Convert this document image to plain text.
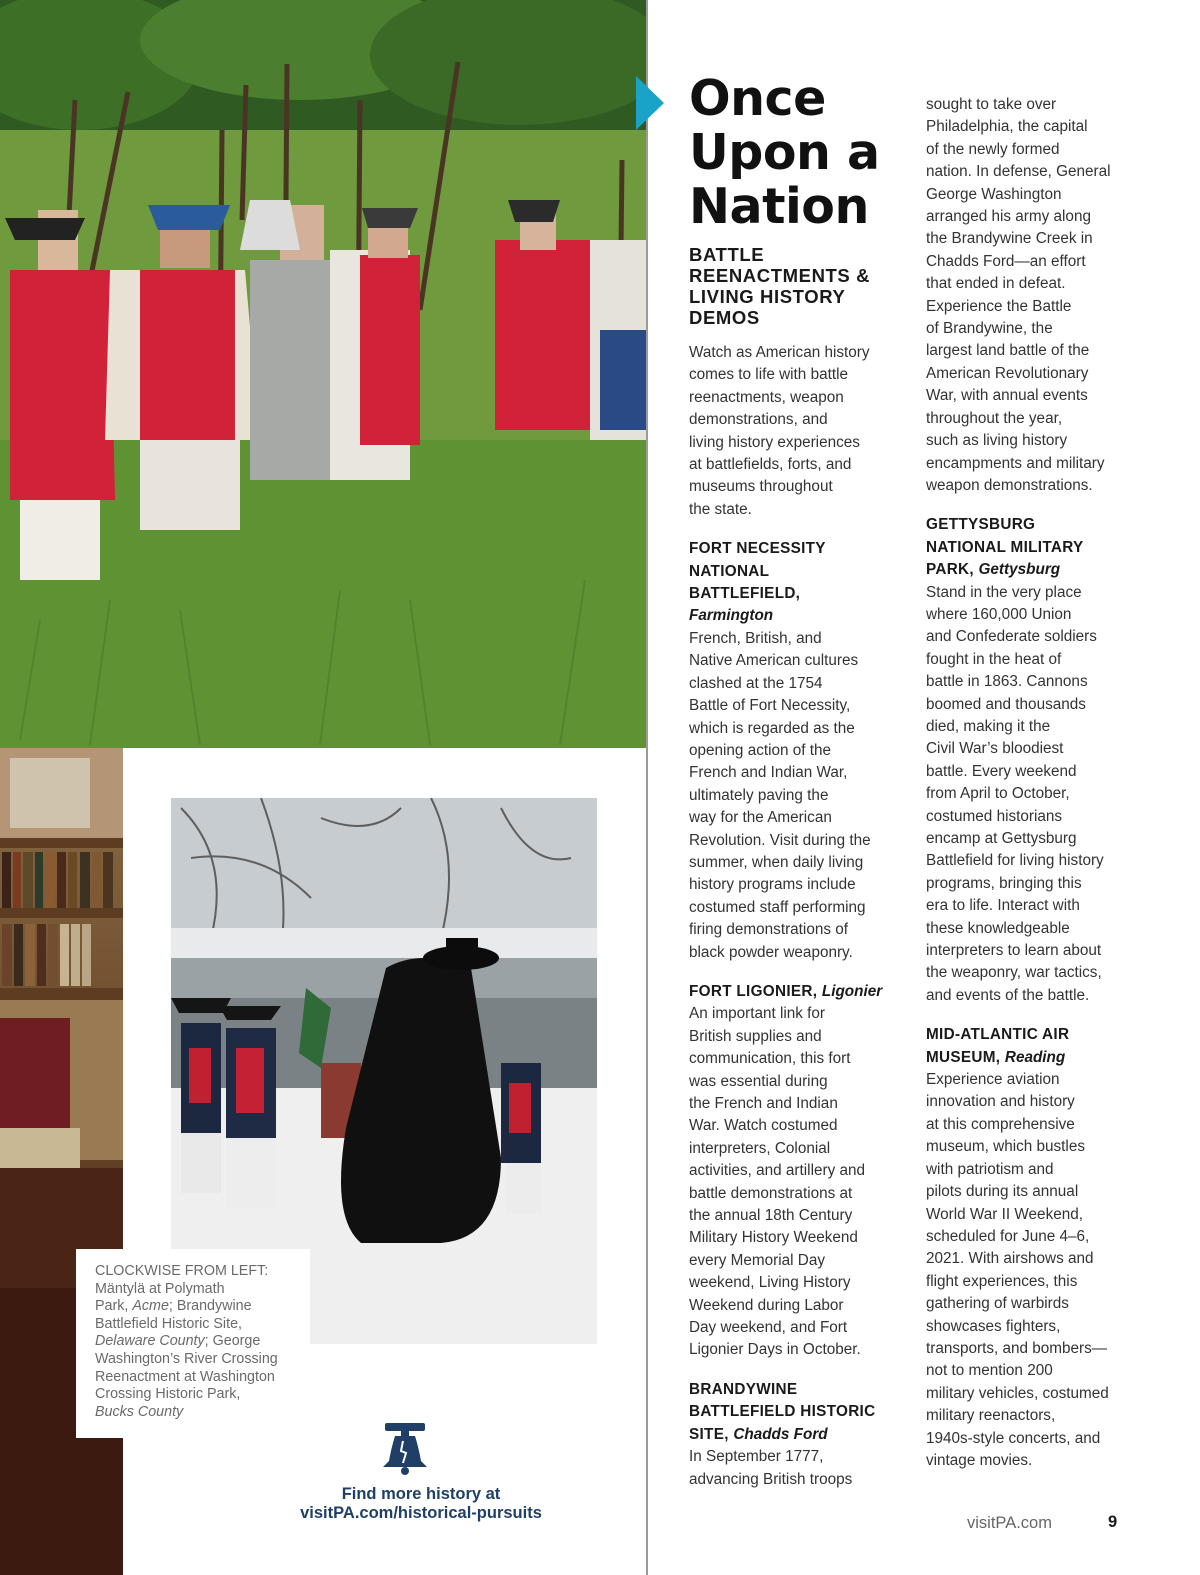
CLOCKWISE FROM LEFT:
Mäntylä at Polymath
Park, Acme; Brandywine
Battlefield Historic Site,
Delaware County; George
Washington’s River Crossing
Reenactment at Washington
Crossing Historic Park,
Bucks County
Find more history at
visitPA.com/historical-pursuits
Once
Upon a
Nation
BATTLE
REENACTMENTS &
LIVING HISTORY
DEMOS
Watch as American history
comes to life with battle
reenactments, weapon
demonstrations, and
living history experiences
at battlefields, forts, and
museums throughout
the state.
FORT NECESSITY
NATIONAL
BATTLEFIELD,
Farmington
French, British, and
Native American cultures
clashed at the 1754
Battle of Fort Necessity,
which is regarded as the
opening action of the
French and Indian War,
ultimately paving the
way for the American
Revolution. Visit during the
summer, when daily living
history programs include
costumed staff performing
firing demonstrations of
black powder weaponry.
FORT LIGONIER, Ligonier
An important link for
British supplies and
communication, this fort
was essential during
the French and Indian
War. Watch costumed
interpreters, Colonial
activities, and artillery and
battle demonstrations at
the annual 18th Century
Military History Weekend
every Memorial Day
weekend, Living History
Weekend during Labor
Day weekend, and Fort
Ligonier Days in October.
BRANDYWINE
BATTLEFIELD HISTORIC
SITE, Chadds Ford
In September 1777,
advancing British troops
sought to take over
Philadelphia, the capital
of the newly formed
nation. In defense, General
George Washington
arranged his army along
the Brandywine Creek in
Chadds Ford—an effort
that ended in defeat.
Experience the Battle
of Brandywine, the
largest land battle of the
American Revolutionary
War, with annual events
throughout the year,
such as living history
encampments and military
weapon demonstrations.
GETTYSBURG
NATIONAL MILITARY
PARK, Gettysburg
Stand in the very place
where 160,000 Union
and Confederate soldiers
fought in the heat of
battle in 1863. Cannons
boomed and thousands
died, making it the
Civil War’s bloodiest
battle. Every weekend
from April to October,
costumed historians
encamp at Gettysburg
Battlefield for living history
programs, bringing this
era to life. Interact with
these knowledgeable
interpreters to learn about
the weaponry, war tactics,
and events of the battle.
MID-ATLANTIC AIR
MUSEUM, Reading
Experience aviation
innovation and history
at this comprehensive
museum, which bustles
with patriotism and
pilots during its annual
World War II Weekend,
scheduled for June 4–6,
2021. With airshows and
flight experiences, this
gathering of warbirds
showcases fighters,
transports, and bombers—
not to mention 200
military vehicles, costumed
military reenactors,
1940s-style concerts, and
vintage movies.
visitPA.com	9
